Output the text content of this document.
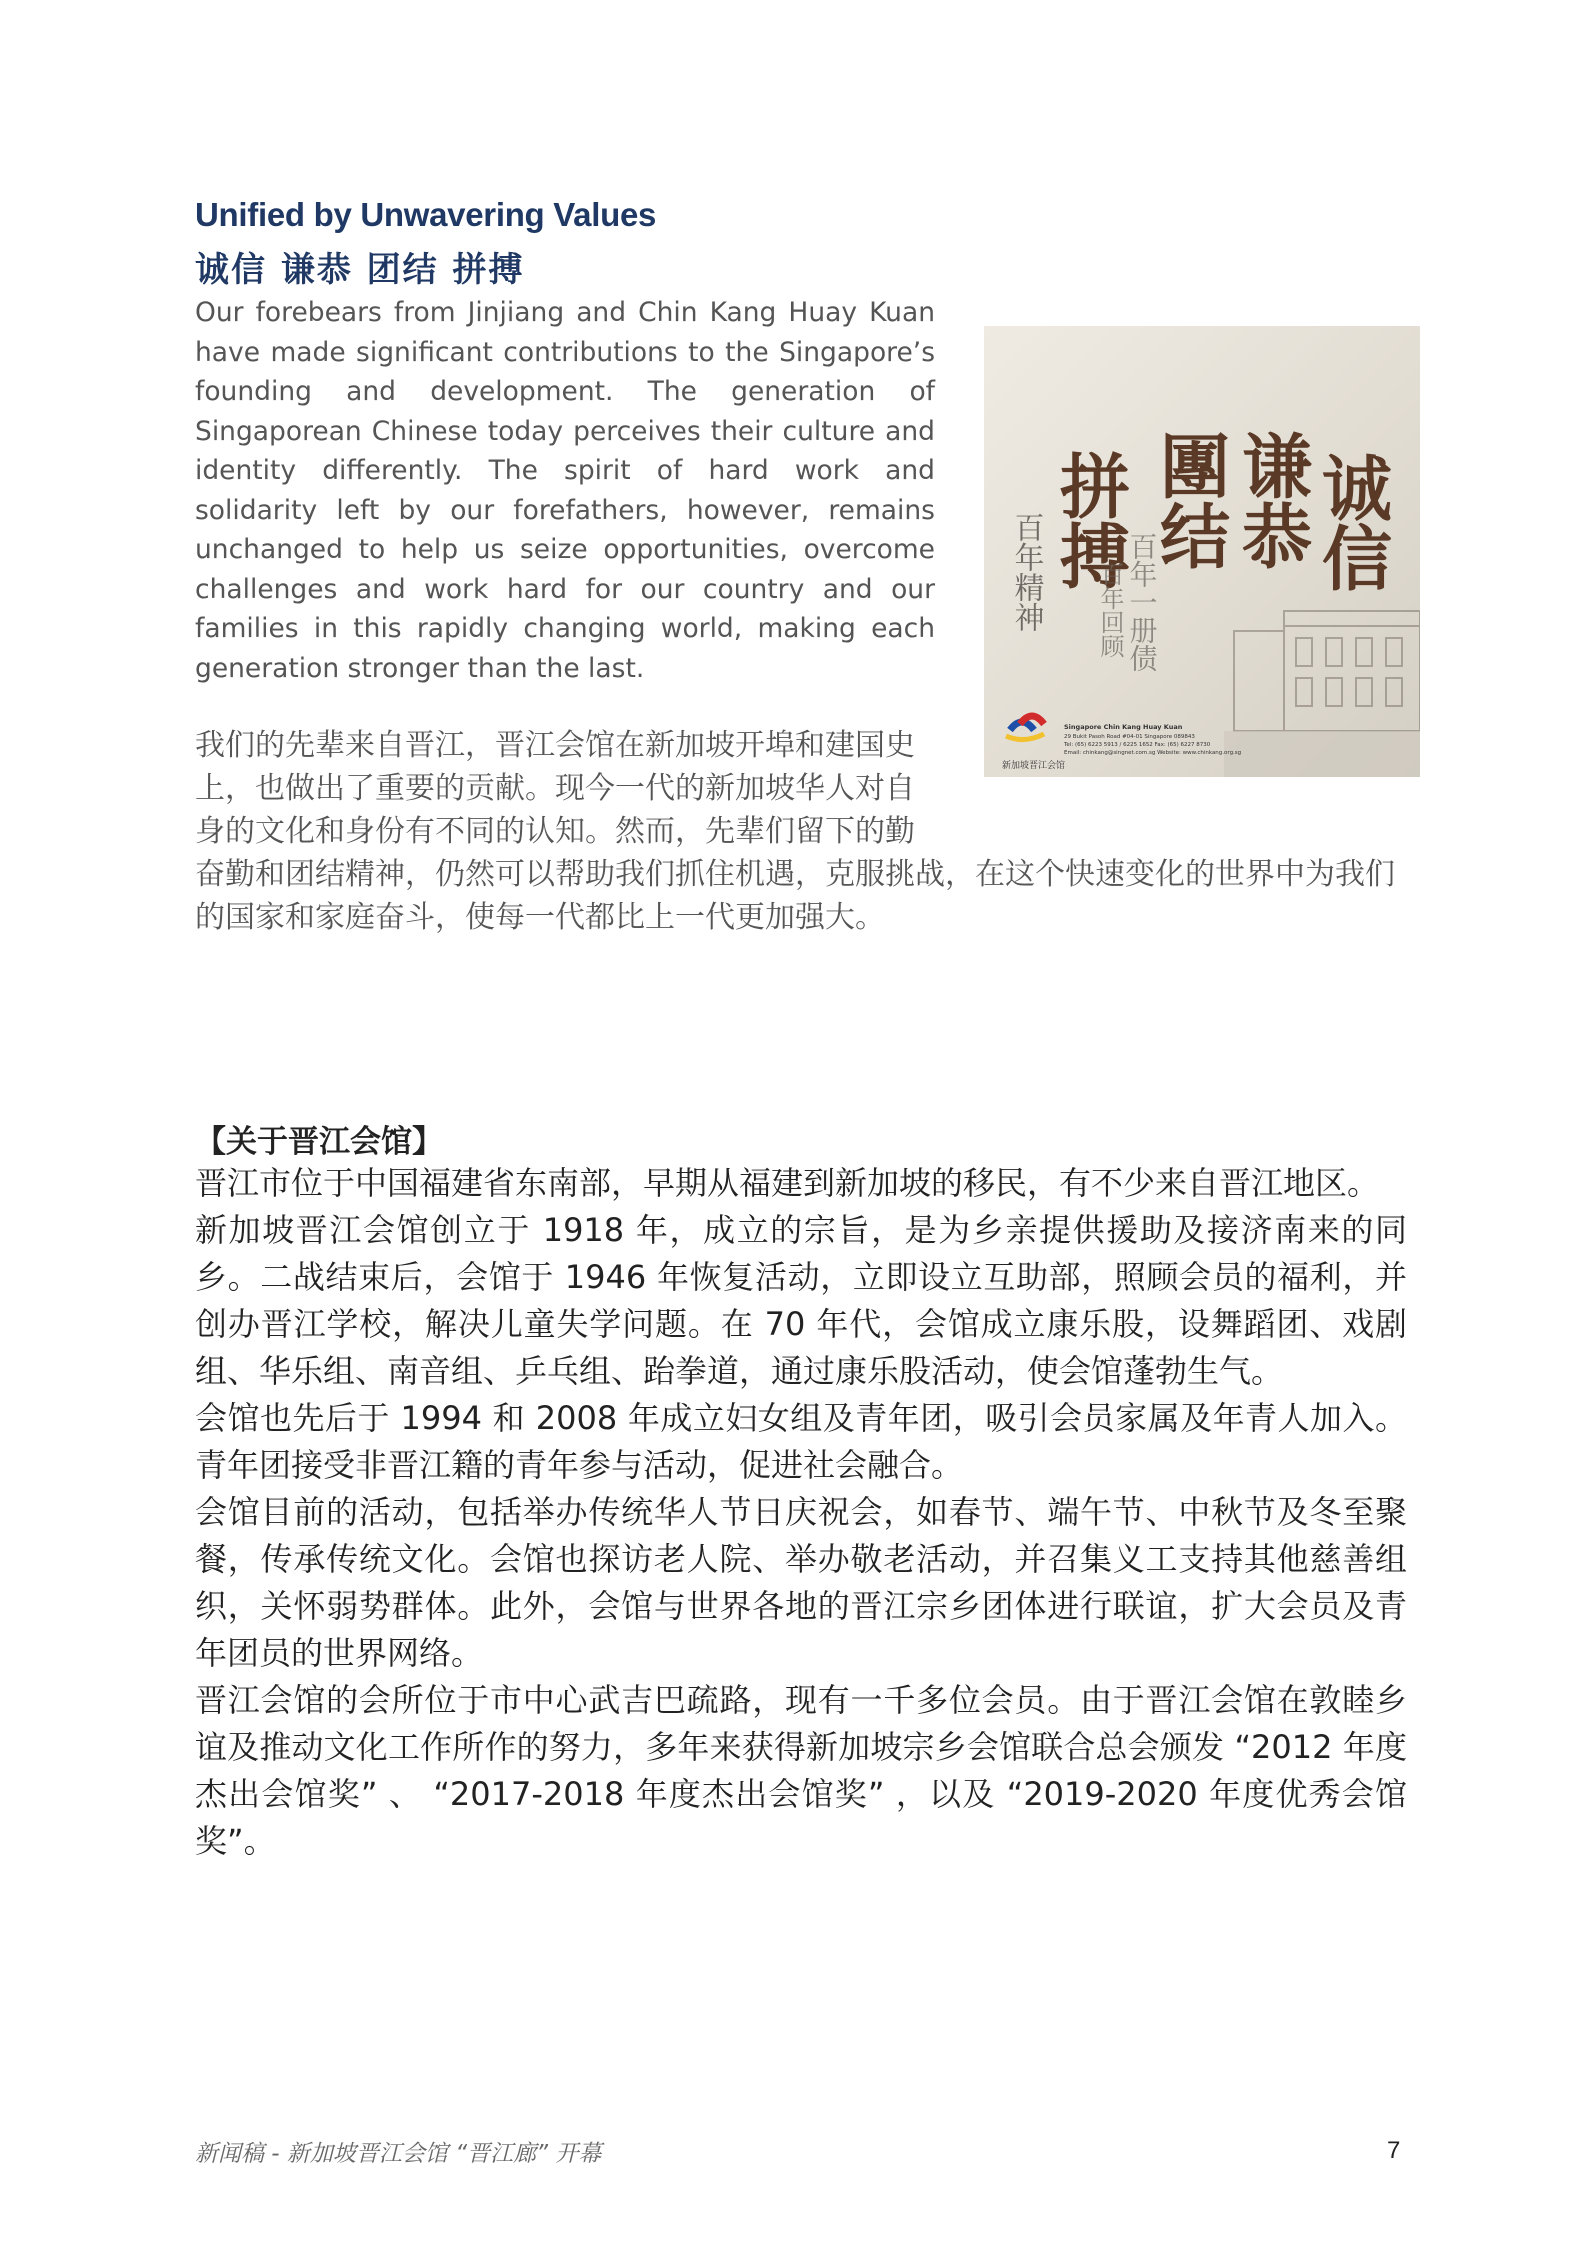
Unified by Unwavering Values
诚信 谦恭 团结 拼搏

Our forebears from Jinjiang and Chin Kang Huay Kuan have made significant contributions to the Singapore’s founding and development. The generation of Singaporean Chinese today perceives their culture and identity differently. The spirit of hard work and solidarity left by our forefathers, however, remains unchanged to help us seize opportunities, overcome challenges and work hard for our country and our families in this rapidly changing world, making each generation stronger than the last.

诚信
谦恭
團结
拼搏
百年精神	百年一册债
百年回顾
新加坡晋江会馆
Singapore Chin Kang Huay Kuan
29 Bukit Pasoh Road #04-01 Singapore 089843
Tel: (65) 6223 5913 / 6225 1652 Fax: (65) 6227 8730
Email: chinkang@singnet.com.sg Website: www.chinkang.org.sg

我们的先辈来自晋江，晋江会馆在新加坡开埠和建国史上，也做出了重要的贡献。现今一代的新加坡华人对自身的文化和身份有不同的认知。然而，先辈们留下的勤奋勤和团结精神，仍然可以帮助我们抓住机遇，克服挑战，在这个快速变化的世界中为我们的国家和家庭奋斗，使每一代都比上一代更加强大。

【关于晋江会馆】

晋江市位于中国福建省东南部，早期从福建到新加坡的移民，有不少来自晋江地区。

新加坡晋江会馆创立于 1918 年，成立的宗旨，是为乡亲提供援助及接济南来的同乡。二战结束后，会馆于 1946 年恢复活动，立即设立互助部，照顾会员的福利，并创办晋江学校，解决儿童失学问题。在 70 年代，会馆成立康乐股，设舞蹈团、戏剧组、华乐组、南音组、乒乓组、跆拳道，通过康乐股活动，使会馆蓬勃生气。

会馆也先后于 1994 和 2008 年成立妇女组及青年团，吸引会员家属及年青人加入。青年团接受非晋江籍的青年参与活动，促进社会融合。

会馆目前的活动，包括举办传统华人节日庆祝会，如春节、端午节、中秋节及冬至聚餐，传承传统文化。会馆也探访老人院、举办敬老活动，并召集义工支持其他慈善组织，关怀弱势群体。此外，会馆与世界各地的晋江宗乡团体进行联谊，扩大会员及青年团员的世界网络。

晋江会馆的会所位于市中心武吉巴疏路，现有一千多位会员。由于晋江会馆在敦睦乡谊及推动文化工作所作的努力，多年来获得新加坡宗乡会馆联合总会颁发 “2012 年度杰出会馆奖” 、 “2017-2018 年度杰出会馆奖” ，以及 “2019-2020 年度优秀会馆奖”。

新闻稿 - 新加坡晋江会馆 “晋江廊” 开幕	7
